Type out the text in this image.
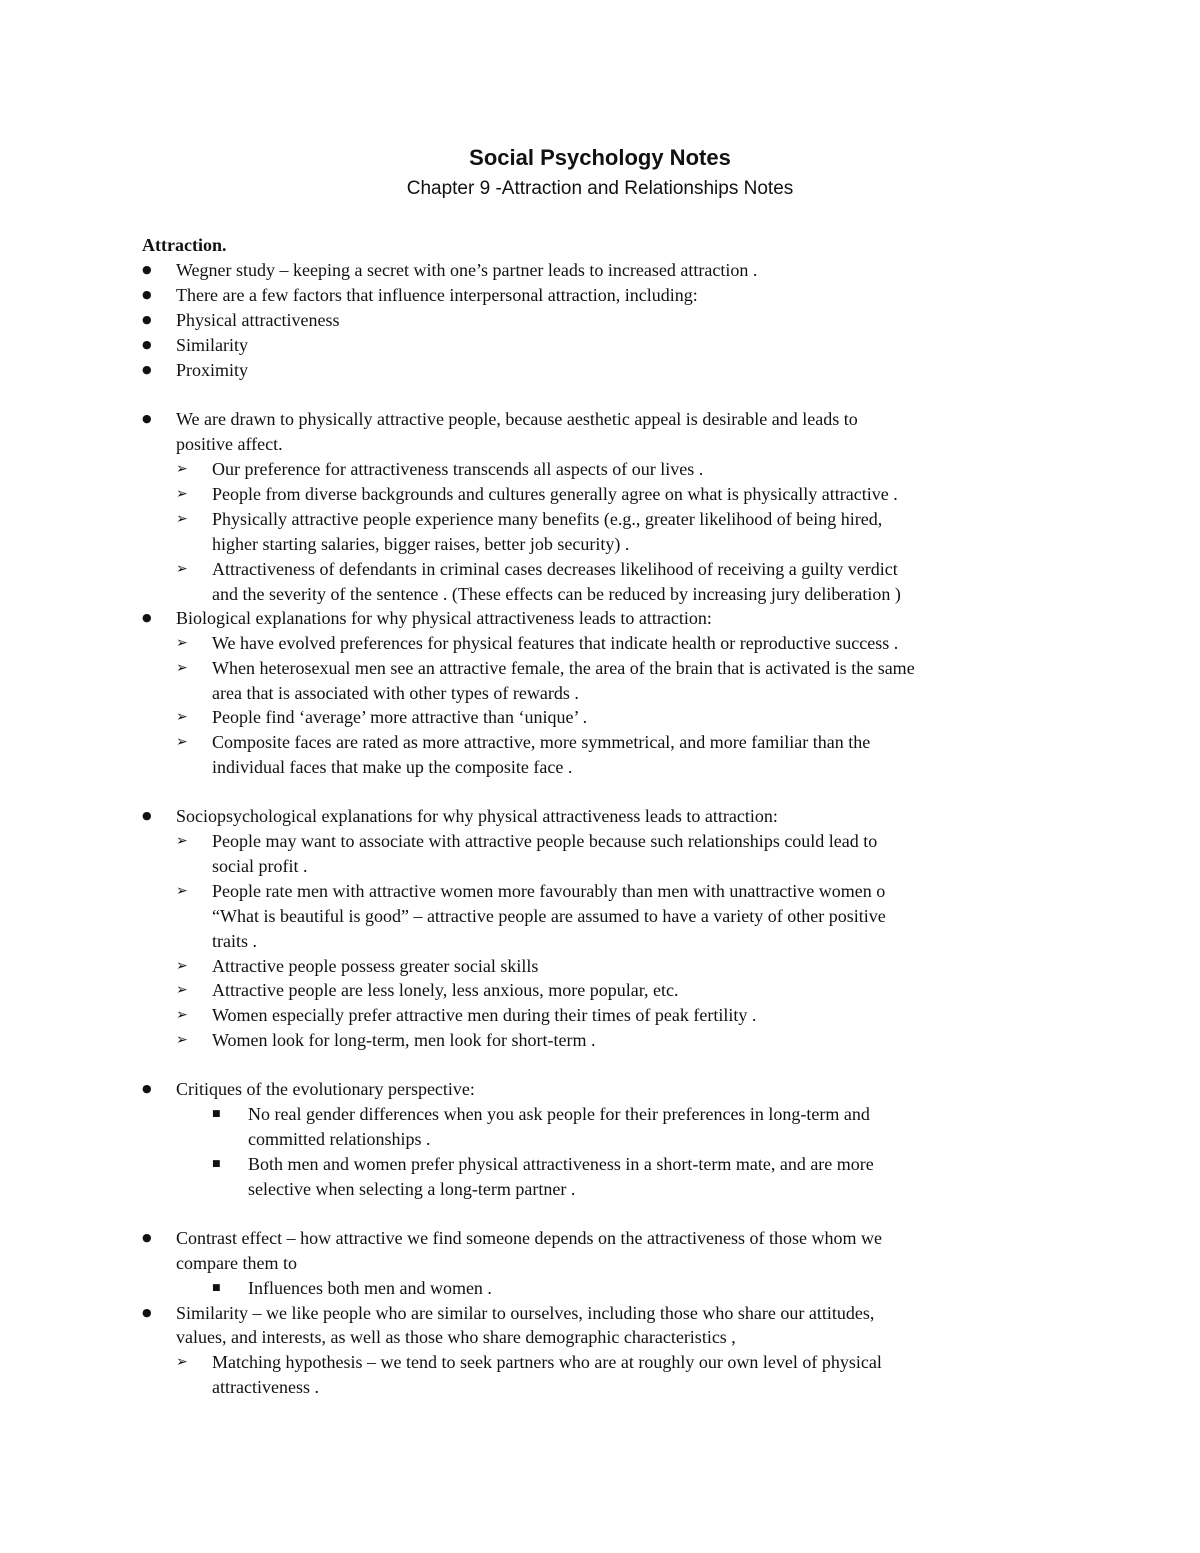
Social Psychology Notes
Chapter 9 -Attraction and Relationships Notes
Attraction.
● Wegner study – keeping a secret with one’s partner leads to increased attraction .
● There are a few factors that influence interpersonal attraction, including:
● Physical attractiveness
● Similarity
● Proximity
● We are drawn to physically attractive people, because aesthetic appeal is desirable and leads to
positive affect.
➢ Our preference for attractiveness transcends all aspects of our lives .
➢ People from diverse backgrounds and cultures generally agree on what is physically attractive .
➢ Physically attractive people experience many benefits (e.g., greater likelihood of being hired,
higher starting salaries, bigger raises, better job security) .
➢ Attractiveness of defendants in criminal cases decreases likelihood of receiving a guilty verdict
and the severity of the sentence . (These effects can be reduced by increasing jury deliberation )
● Biological explanations for why physical attractiveness leads to attraction:
➢ We have evolved preferences for physical features that indicate health or reproductive success .
➢ When heterosexual men see an attractive female, the area of the brain that is activated is the same
area that is associated with other types of rewards .
➢ People find ‘average’ more attractive than ‘unique’ .
➢ Composite faces are rated as more attractive, more symmetrical, and more familiar than the
individual faces that make up the composite face .
● Sociopsychological explanations for why physical attractiveness leads to attraction:
➢ People may want to associate with attractive people because such relationships could lead to
social profit .
➢ People rate men with attractive women more favourably than men with unattractive women o
“What is beautiful is good” – attractive people are assumed to have a variety of other positive
traits .
➢ Attractive people possess greater social skills
➢ Attractive people are less lonely, less anxious, more popular, etc.
➢ Women especially prefer attractive men during their times of peak fertility .
➢ Women look for long-term, men look for short-term .
● Critiques of the evolutionary perspective:
■ No real gender differences when you ask people for their preferences in long-term and
committed relationships .
■ Both men and women prefer physical attractiveness in a short-term mate, and are more
selective when selecting a long-term partner .
● Contrast effect – how attractive we find someone depends on the attractiveness of those whom we
compare them to
■ Influences both men and women .
● Similarity – we like people who are similar to ourselves, including those who share our attitudes,
values, and interests, as well as those who share demographic characteristics ,
➢ Matching hypothesis – we tend to seek partners who are at roughly our own level of physical
attractiveness .
